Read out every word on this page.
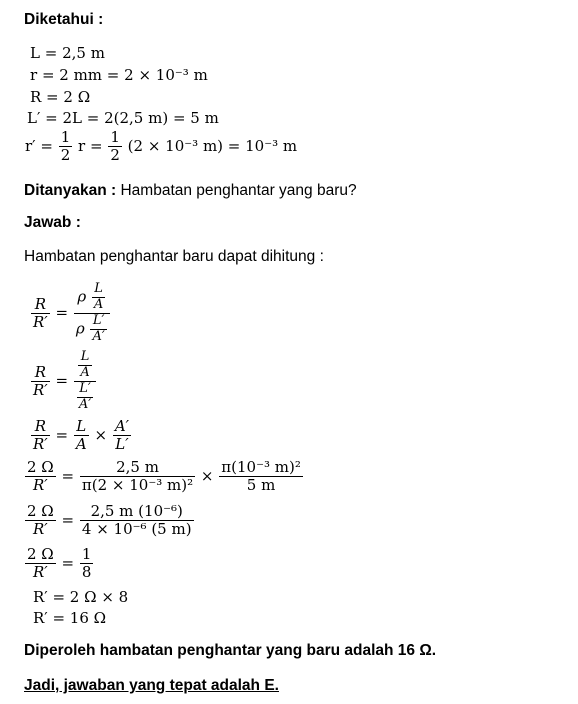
Diketahui :
L = 2,5 m
r = 2 mm = 2 × 10⁻³ m
R = 2 Ω
L′ = 2L = 2(2,5 m) = 5 m
$r' = \frac{1}{2}$ $r = \frac{1}{2} (2 \times 10^{-3}$ m) = 10⁻³ m
Ditanyakan : Hambatan penghantar yang baru?
Jawab :
Hambatan penghantar baru dapat dihitung :
$\frac{R}{R'} = \frac{\rho \frac{L}{A}}{\rho \frac{L'}{A'}}$
$\frac{R}{R'} = \frac{\frac{L}{A}}{\frac{L'}{A'}}$
$\frac{R}{R'} = \frac{L}{A} \times \frac{A'}{L'}$
$\frac{2 \Omega}{R'} = \frac{2,5 m}{\text{π(2 × 10⁻³ m)²}} \times \frac{\text{π(10⁻³ m)²}}{5 m}$
$\frac{2 \Omega}{R'} = \frac{\text{2,5 m (10⁻⁶)}}{\text{4 × 10⁻⁶ (5 m)}}$
$\frac{2 \Omega}{R'} = \frac{1}{8}$
R′ = 2 Ω × 8
R′ = 16 Ω
Diperoleh hambatan penghantar yang baru adalah 16 Ω.
Jadi, jawaban yang tepat adalah E.
